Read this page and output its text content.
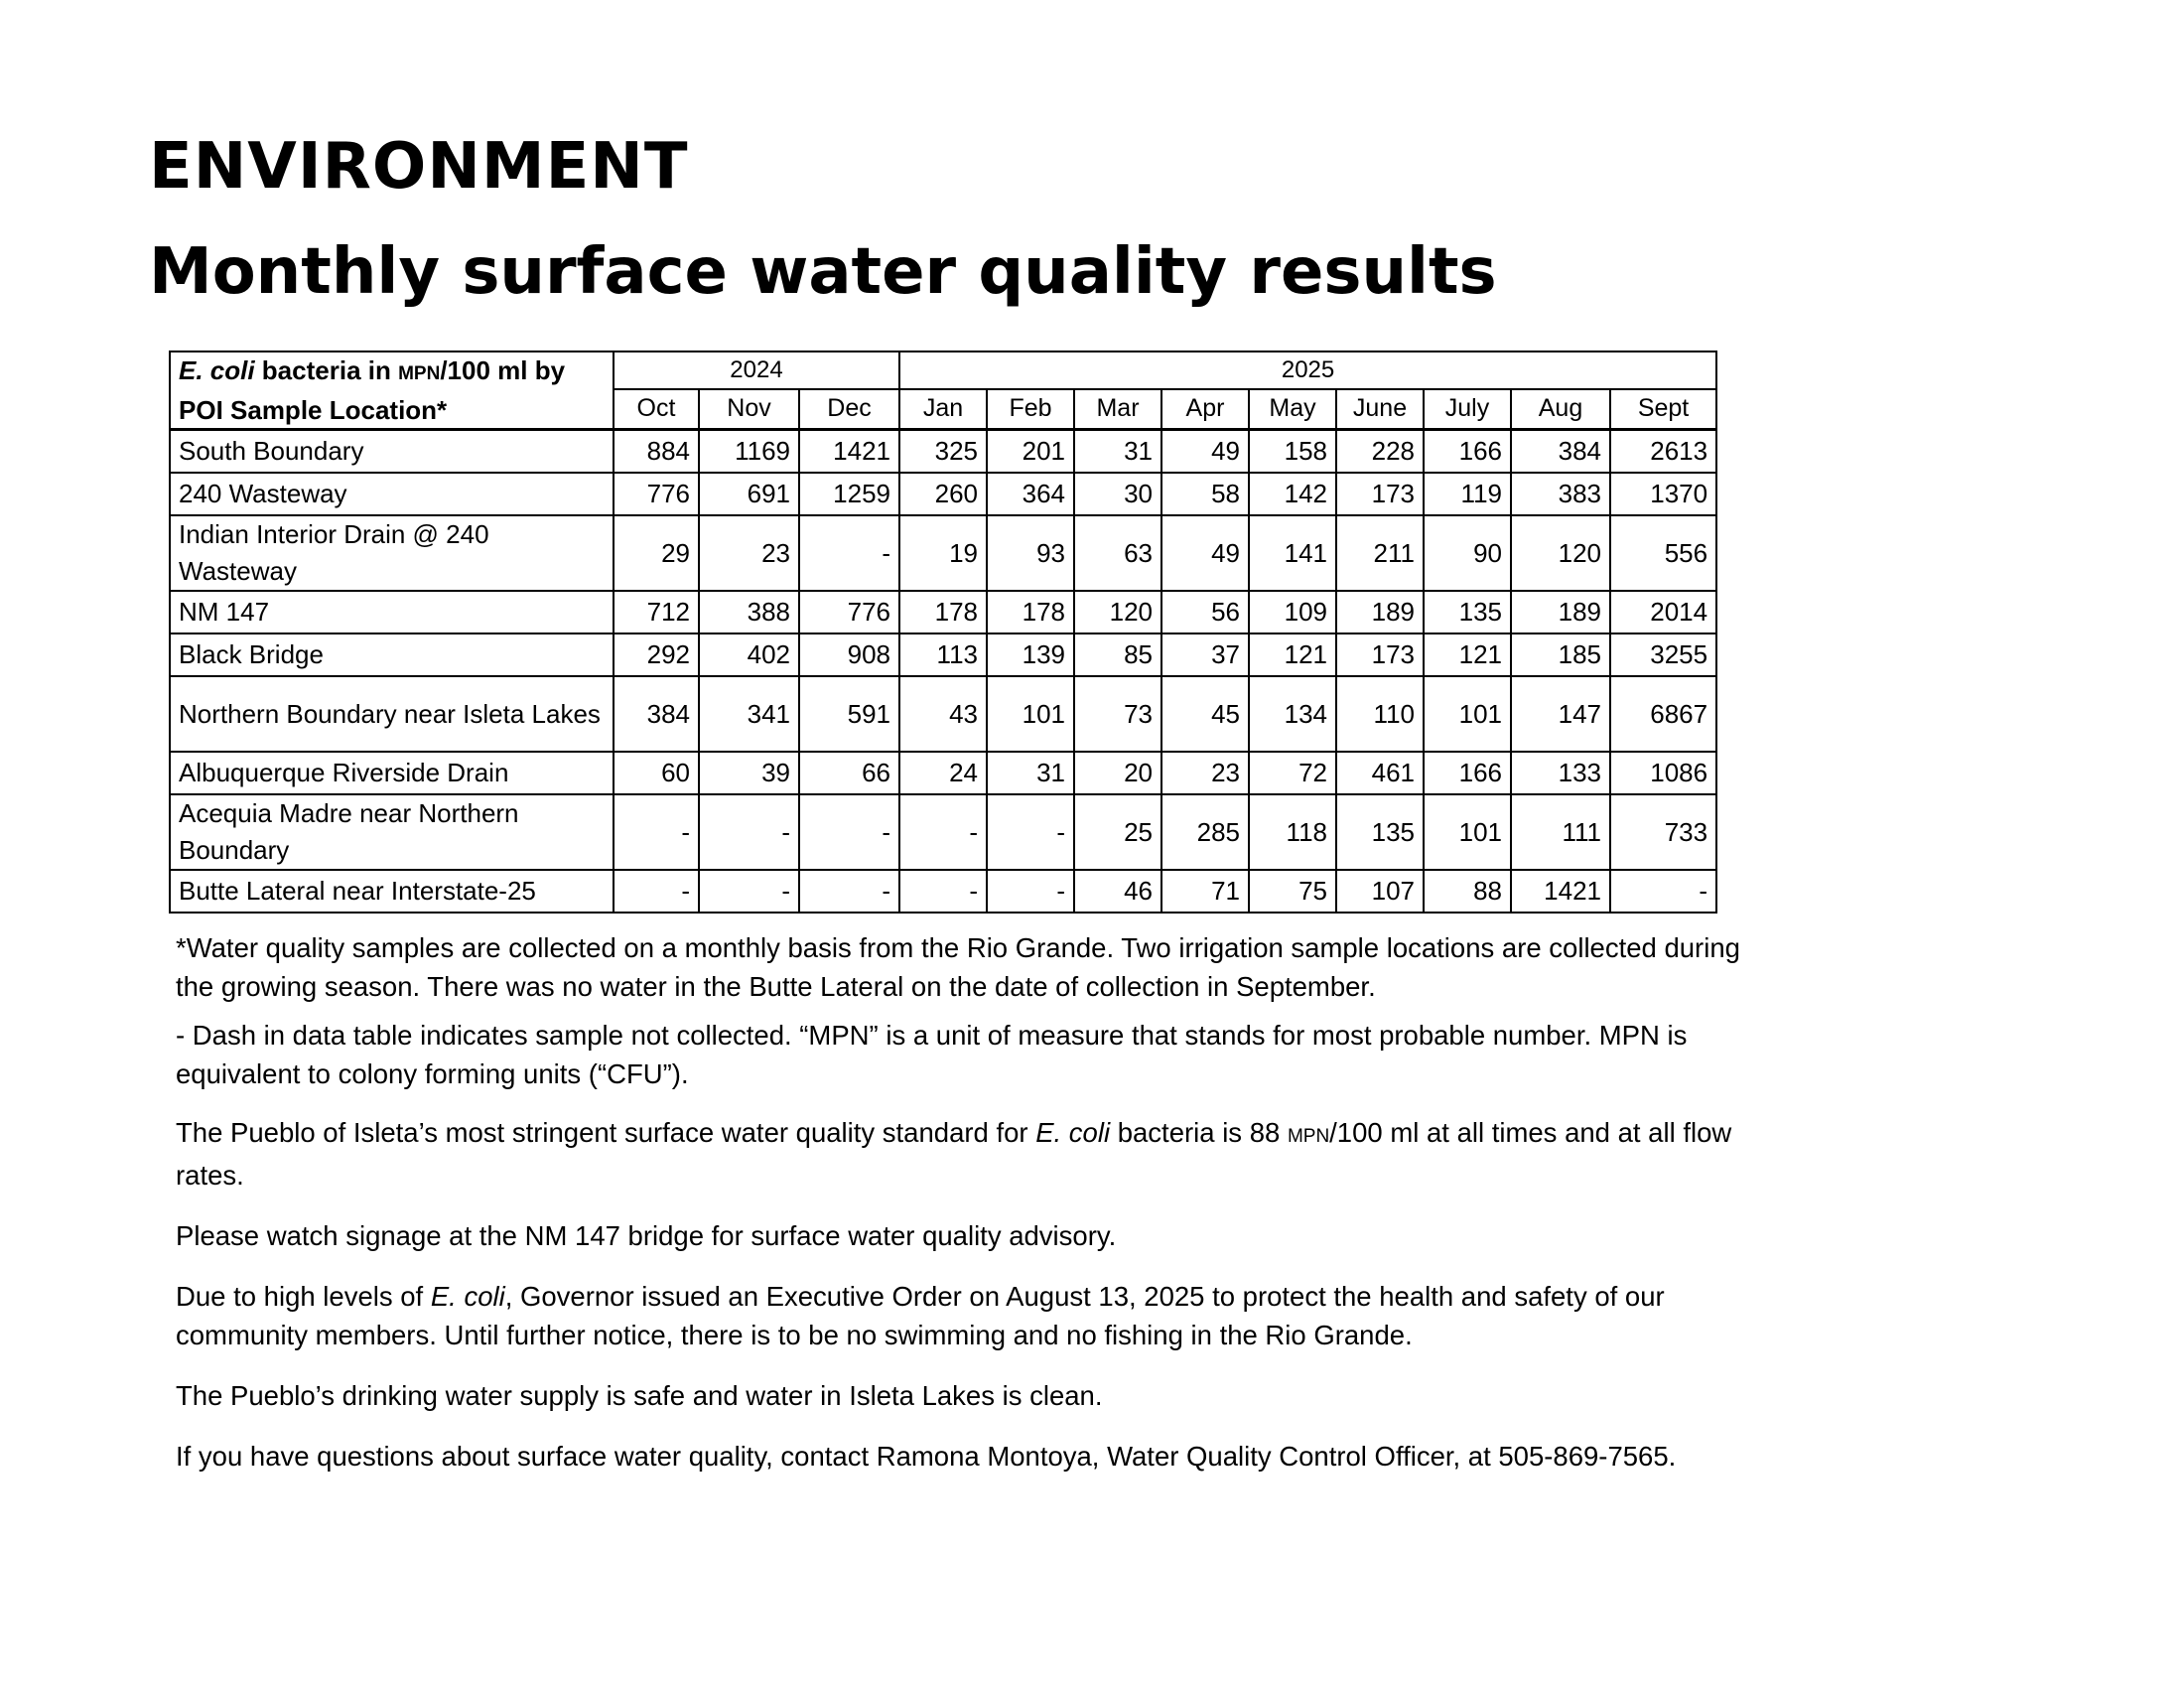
ENVIRONMENT
Monthly surface water quality results
E. coli bacteria in MPN/100 ml by
POI Sample Location*	2024			2025								
	Oct	Nov	Dec	Jan	Feb	Mar	Apr	May	June	July	Aug	Sept
South Boundary	884	1169	1421	325	201	31	49	158	228	166	384	2613
240 Wasteway	776	691	1259	260	364	30	58	142	173	119	383	1370
Indian Interior Drain @ 240 Wasteway	29	23	-	19	93	63	49	141	211	90	120	556
NM 147	712	388	776	178	178	120	56	109	189	135	189	2014
Black Bridge	292	402	908	113	139	85	37	121	173	121	185	3255
Northern Boundary near Isleta Lakes	384	341	591	43	101	73	45	134	110	101	147	6867
Albuquerque Riverside Drain	60	39	66	24	31	20	23	72	461	166	133	1086
Acequia Madre near Northern Boundary	-	-	-	-	-	25	285	118	135	101	111	733
Butte Lateral near Interstate-25	-	-	-	-	-	46	71	75	107	88	1421	-

*Water quality samples are collected on a monthly basis from the Rio Grande. Two irrigation sample locations are collected during the growing season. There was no water in the Butte Lateral on the date of collection in September.

- Dash in data table indicates sample not collected. “MPN” is a unit of measure that stands for most probable number. MPN is equivalent to colony forming units (“CFU”).

The Pueblo of Isleta’s most stringent surface water quality standard for E. coli bacteria is 88 MPN/100 ml at all times and at all flow rates.

Please watch signage at the NM 147 bridge for surface water quality advisory.

Due to high levels of E. coli, Governor issued an Executive Order on August 13, 2025 to protect the health and safety of our community members. Until further notice, there is to be no swimming and no fishing in the Rio Grande.

The Pueblo’s drinking water supply is safe and water in Isleta Lakes is clean.

If you have questions about surface water quality, contact Ramona Montoya, Water Quality Control Officer, at 505-869-7565.
